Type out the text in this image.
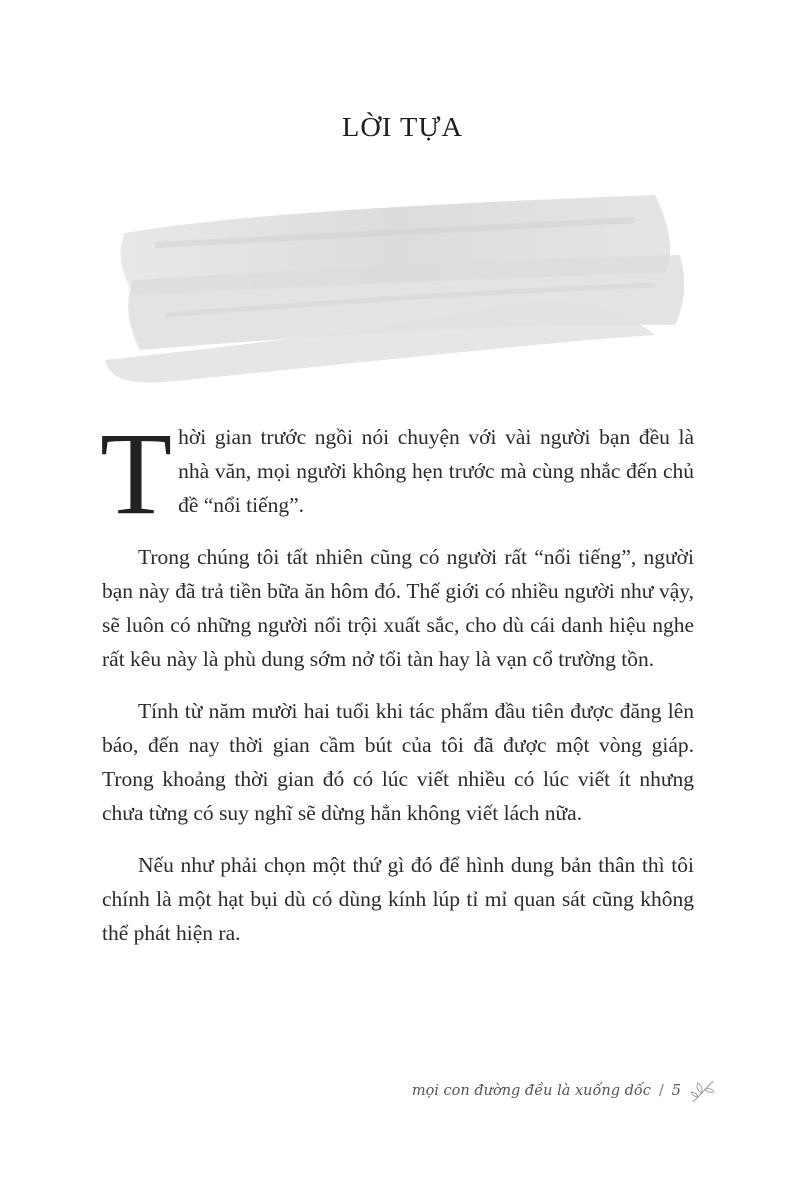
LỜI TỰA

Thời gian trước ngồi nói chuyện với vài người bạn đều là nhà văn, mọi người không hẹn trước mà cùng nhắc đến chủ đề “nổi tiếng”.

Trong chúng tôi tất nhiên cũng có người rất “nổi tiếng”, người bạn này đã trả tiền bữa ăn hôm đó. Thế giới có nhiều người như vậy, sẽ luôn có những người nổi trội xuất sắc, cho dù cái danh hiệu nghe rất kêu này là phù dung sớm nở tối tàn hay là vạn cổ trường tồn.

Tính từ năm mười hai tuổi khi tác phẩm đầu tiên được đăng lên báo, đến nay thời gian cầm bút của tôi đã được một vòng giáp. Trong khoảng thời gian đó có lúc viết nhiều có lúc viết ít nhưng chưa từng có suy nghĩ sẽ dừng hẳn không viết lách nữa.

Nếu như phải chọn một thứ gì đó để hình dung bản thân thì tôi chính là một hạt bụi dù có dùng kính lúp tỉ mỉ quan sát cũng không thể phát hiện ra.

mọi con đường đều là xuống dốc / 5
